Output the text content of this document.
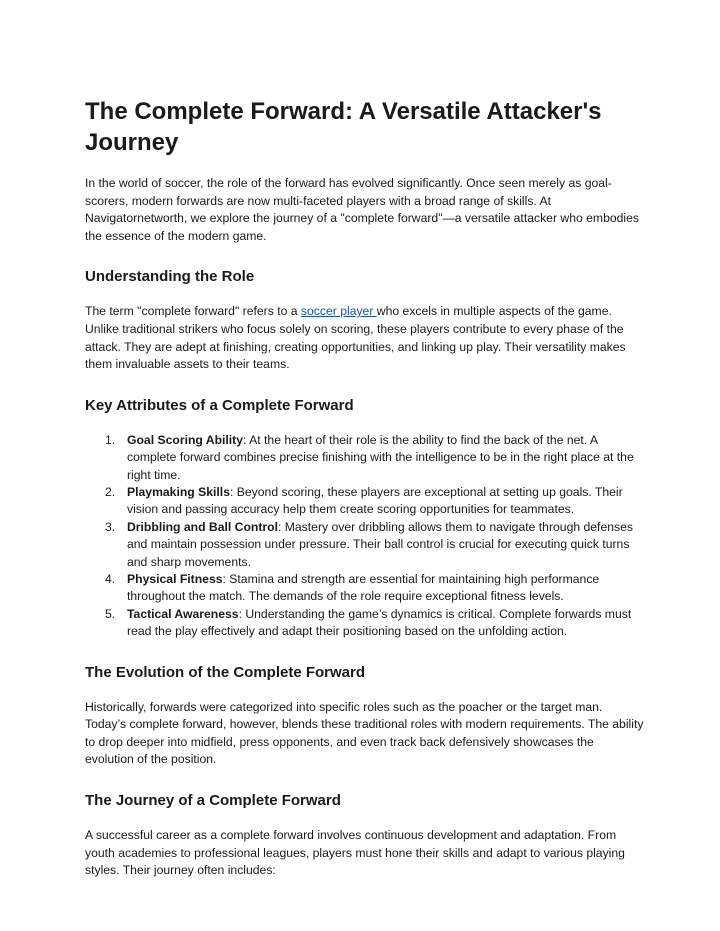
The Complete Forward: A Versatile Attacker's Journey

In the world of soccer, the role of the forward has evolved significantly. Once seen merely as goal-scorers, modern forwards are now multi-faceted players with a broad range of skills. At Navigatornetworth, we explore the journey of a "complete forward"—a versatile attacker who embodies the essence of the modern game.

Understanding the Role

The term "complete forward" refers to a soccer player who excels in multiple aspects of the game. Unlike traditional strikers who focus solely on scoring, these players contribute to every phase of the attack. They are adept at finishing, creating opportunities, and linking up play. Their versatility makes them invaluable assets to their teams.

Key Attributes of a Complete Forward
1. Goal Scoring Ability: At the heart of their role is the ability to find the back of the net. A complete forward combines precise finishing with the intelligence to be in the right place at the right time.
2. Playmaking Skills: Beyond scoring, these players are exceptional at setting up goals. Their vision and passing accuracy help them create scoring opportunities for teammates.
3. Dribbling and Ball Control: Mastery over dribbling allows them to navigate through defenses and maintain possession under pressure. Their ball control is crucial for executing quick turns and sharp movements.
4. Physical Fitness: Stamina and strength are essential for maintaining high performance throughout the match. The demands of the role require exceptional fitness levels.
5. Tactical Awareness: Understanding the game’s dynamics is critical. Complete forwards must read the play effectively and adapt their positioning based on the unfolding action.
The Evolution of the Complete Forward

Historically, forwards were categorized into specific roles such as the poacher or the target man. Today’s complete forward, however, blends these traditional roles with modern requirements. The ability to drop deeper into midfield, press opponents, and even track back defensively showcases the evolution of the position.

The Journey of a Complete Forward

A successful career as a complete forward involves continuous development and adaptation. From youth academies to professional leagues, players must hone their skills and adapt to various playing styles. Their journey often includes:
